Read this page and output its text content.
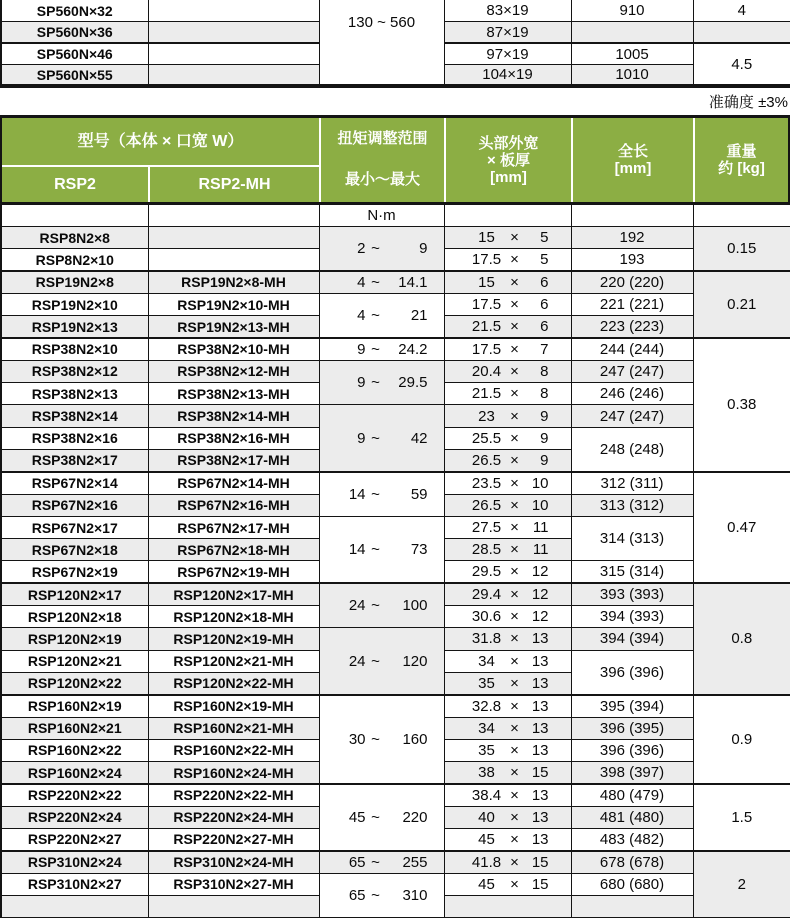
SP560N×32		130 ~ 560	83×19	910	4
SP560N×36			87×19		
SP560N×46			97×19	1005	4.5
SP560N×55			104×19	1010	
准确度 ±3%
型号（本体 × 口宽 W）
RSP2	RSP2-MH
扭矩调整范围
最小～最大
头部外宽
× 板厚
[mm]
全长
[mm]
重量
约 [kg]
		N·m			
RSP8N2×8		2 ~ 9	15 × 5	192	0.15
RSP8N2×10			17.5 × 5	193	
RSP19N2×8	RSP19N2×8-MH	4 ~ 14.1	15 × 6	220 (220)	0.21
RSP19N2×10	RSP19N2×10-MH	4 ~ 21	17.5 × 6	221 (221)	
RSP19N2×13	RSP19N2×13-MH		21.5 × 6	223 (223)	
RSP38N2×10	RSP38N2×10-MH	9 ~ 24.2	17.5 × 7	244 (244)	0.38
RSP38N2×12	RSP38N2×12-MH	9 ~ 29.5	20.4 × 8	247 (247)	
RSP38N2×13	RSP38N2×13-MH		21.5 × 8	246 (246)	
RSP38N2×14	RSP38N2×14-MH	9 ~ 42	23 × 9	247 (247)	
RSP38N2×16	RSP38N2×16-MH		25.5 × 9	248 (248)	
RSP38N2×17	RSP38N2×17-MH		26.5 × 9		

RSP67N2×14	RSP67N2×14-MH	14 ~ 59	23.5 × 10	312 (311)	0.47
RSP67N2×16	RSP67N2×16-MH		26.5 × 10	313 (312)	
RSP67N2×17	RSP67N2×17-MH	14 ~ 73	27.5 × 11	314 (313)	
RSP67N2×18	RSP67N2×18-MH		28.5 × 11		

RSP67N2×19	RSP67N2×19-MH		29.5 × 12	315 (314)	
RSP120N2×17	RSP120N2×17-MH	24 ~ 100	29.4 × 12	393 (393)	0.8
RSP120N2×18	RSP120N2×18-MH		30.6 × 12	394 (393)	
RSP120N2×19	RSP120N2×19-MH	24 ~ 120	31.8 × 13	394 (394)	
RSP120N2×21	RSP120N2×21-MH		34 × 13	396 (396)	
RSP120N2×22	RSP120N2×22-MH		35 × 13		

RSP160N2×19	RSP160N2×19-MH	30 ~ 160	32.8 × 13	395 (394)	0.9
RSP160N2×21	RSP160N2×21-MH		34 × 13	396 (395)	
RSP160N2×22	RSP160N2×22-MH		35 × 13	396 (396)	
RSP160N2×24	RSP160N2×24-MH		38 × 15	398 (397)	
RSP220N2×22	RSP220N2×22-MH	45 ~ 220	38.4 × 13	480 (479)	1.5
RSP220N2×24	RSP220N2×24-MH		40 × 13	481 (480)	
RSP220N2×27	RSP220N2×27-MH		45 × 13	483 (482)	
RSP310N2×24	RSP310N2×24-MH	65 ~ 255	41.8 × 15	678 (678)	2
RSP310N2×27	RSP310N2×27-MH	65 ~ 310	45 × 15	680 (680)	
